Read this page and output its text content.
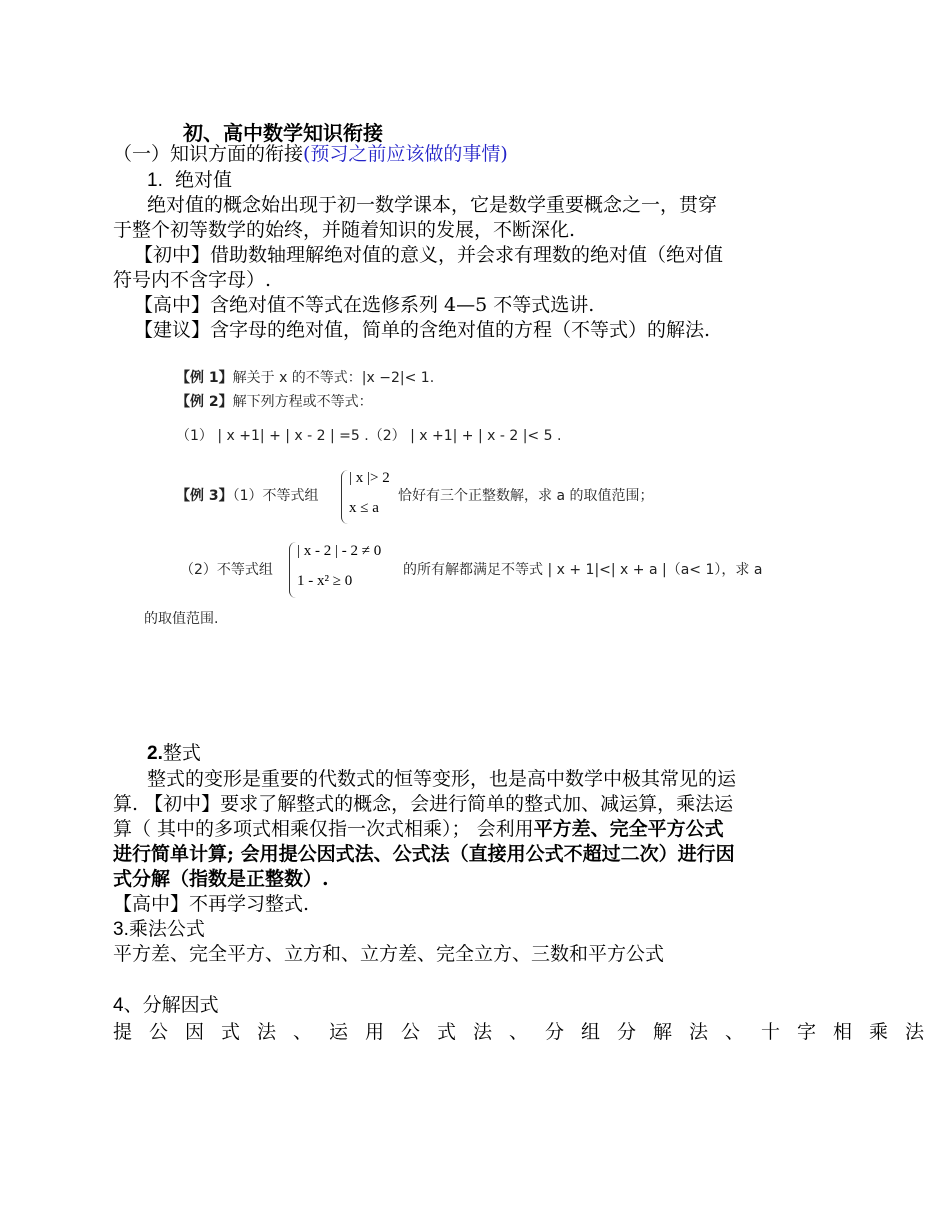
初、高中数学知识衔接
（一）知识方面的衔接(预习之前应该做的事情)
1. 绝对值
绝对值的概念始出现于初一数学课本，它是数学重要概念之一，贯穿
于整个初等数学的始终，并随着知识的发展，不断深化.
【初中】借助数轴理解绝对值的意义，并会求有理数的绝对值（绝对值
符号内不含字母）.
【高中】含绝对值不等式在选修系列 4—5 不等式选讲.
【建议】含字母的绝对值，简单的含绝对值的方程（不等式）的解法.
【例 1】解关于 x 的不等式：|x −2|< 1.
【例 2】解下列方程或不等式：
（1） | x +1| + | x - 2 | =5 .（2） | x +1| + | x - 2 |< 5 .
【例 3】（1）不等式组
| x |> 2
x ≤ a
恰好有三个正整数解，求 a 的取值范围；
（2）不等式组
| x - 2 | - 2 ≠ 0
1 - x² ≥ 0
的所有解都满足不等式 | x + 1|<| x + a |（a< 1），求 a
的取值范围.
2.整式
整式的变形是重要的代数式的恒等变形，也是高中数学中极其常见的运
算. 【初中】要求了解整式的概念，会进行简单的整式加、减运算，乘法运
算（ 其中的多项式相乘仅指一次式相乘）； 会利用平方差、完全平方公式
进行简单计算; 会用提公因式法、公式法（直接用公式不超过二次）进行因
式分解（指数是正整数）.
【高中】不再学习整式.
3.乘法公式
平方差、完全平方、立方和、立方差、完全立方、三数和平方公式
4、分解因式
提公因式法、运用公式法、分组分解法、十字相乘法
